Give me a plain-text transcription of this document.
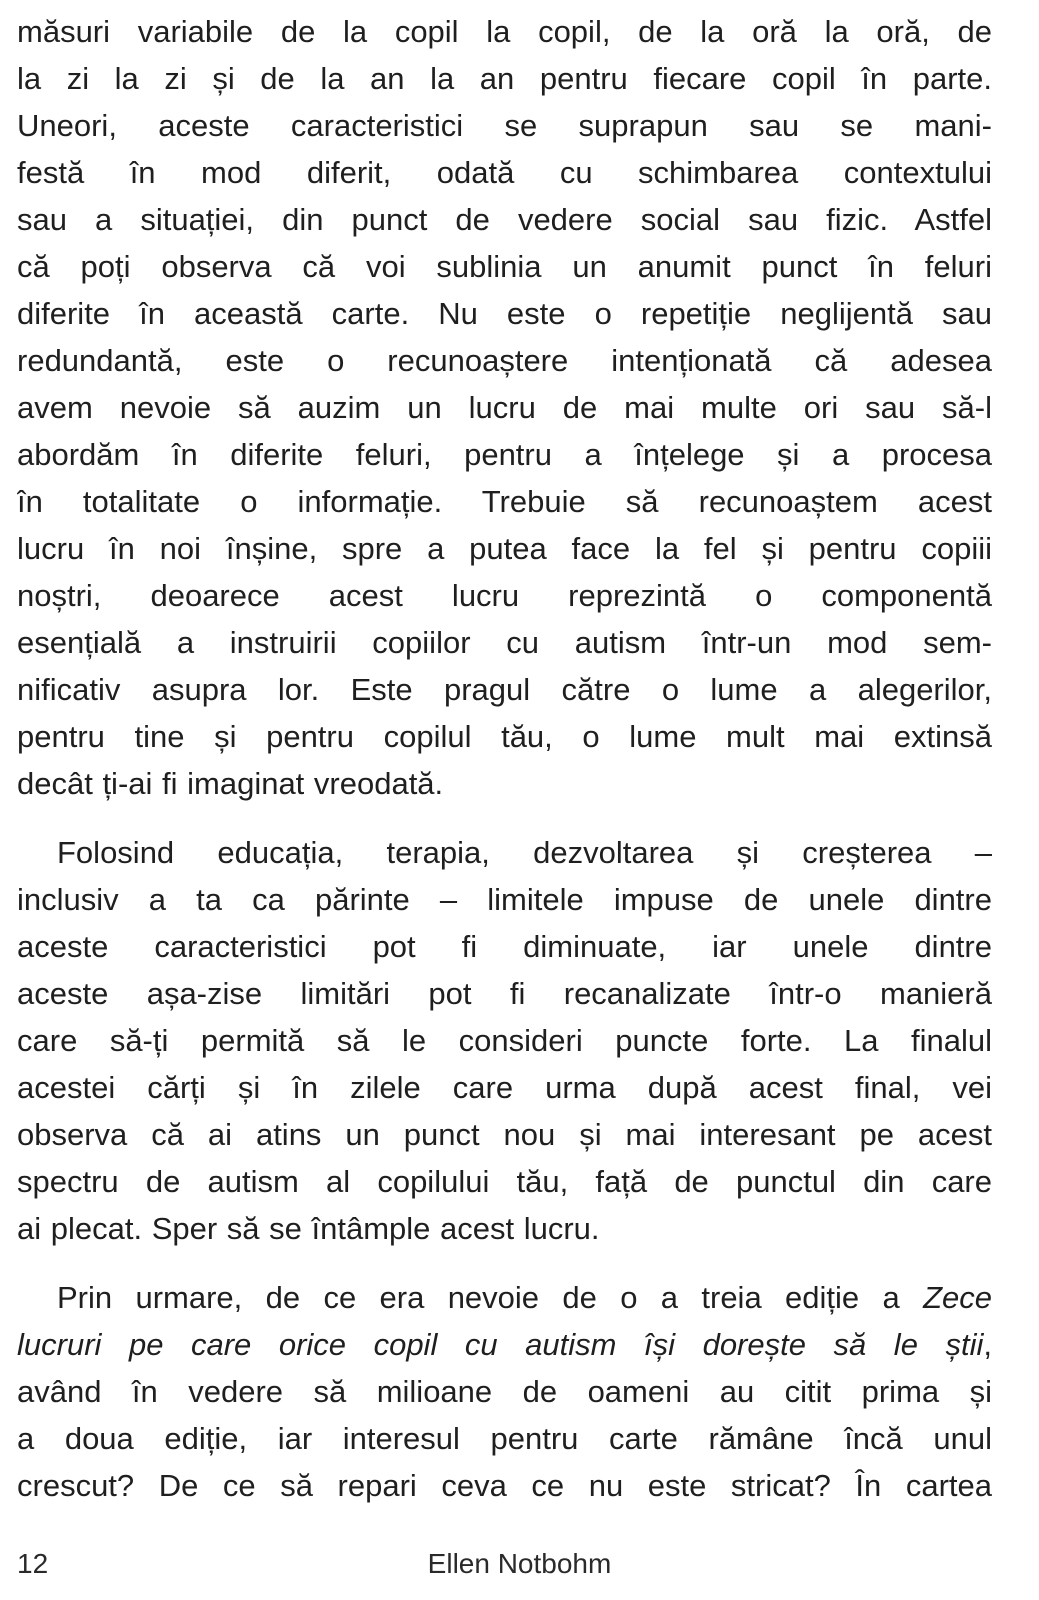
măsuri variabile de la copil la copil, de la oră la oră, de
la zi la zi și de la an la an pentru fiecare copil în parte.
Uneori, aceste caracteristici se suprapun sau se mani-
festă în mod diferit, odată cu schimbarea contextului
sau a situației, din punct de vedere social sau fizic. Astfel
că poți observa că voi sublinia un anumit punct în feluri
diferite în această carte. Nu este o repetiție neglijentă sau
redundantă, este o recunoaștere intenționată că adesea
avem nevoie să auzim un lucru de mai multe ori sau să-l
abordăm în diferite feluri, pentru a înțelege și a procesa
în totalitate o informație. Trebuie să recunoaștem acest
lucru în noi înșine, spre a putea face la fel și pentru copiii
noștri, deoarece acest lucru reprezintă o componentă
esențială a instruirii copiilor cu autism într-un mod sem-
nificativ asupra lor. Este pragul către o lume a alegerilor,
pentru tine și pentru copilul tău, o lume mult mai extinsă
decât ți-ai fi imaginat vreodată.
Folosind educația, terapia, dezvoltarea și creșterea –
inclusiv a ta ca părinte – limitele impuse de unele dintre
aceste caracteristici pot fi diminuate, iar unele dintre
aceste așa-zise limitări pot fi recanalizate într-o manieră
care să-ți permită să le consideri puncte forte. La finalul
acestei cărți și în zilele care urma după acest final, vei
observa că ai atins un punct nou și mai interesant pe acest
spectru de autism al copilului tău, față de punctul din care
ai plecat. Sper să se întâmple acest lucru.
Prin urmare, de ce era nevoie de o a treia ediție a Zece
lucruri pe care orice copil cu autism își dorește să le știi,
având în vedere să milioane de oameni au citit prima și
a doua ediție, iar interesul pentru carte rămâne încă unul
crescut? De ce să repari ceva ce nu este stricat? În cartea
12	Ellen Notbohm
